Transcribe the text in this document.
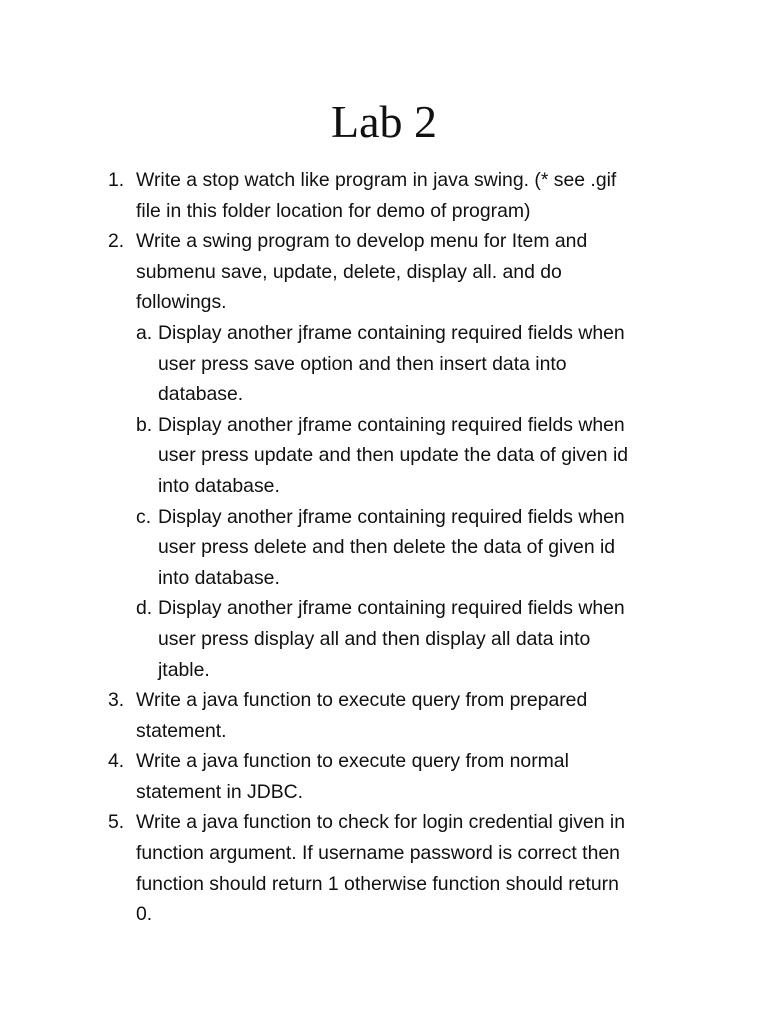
Lab 2
1. Write a stop watch like program in java swing. (* see .gif
file in this folder location for demo of program)
2. Write a swing program to develop menu for Item and
submenu save, update, delete, display all. and do
followings.
a. Display another jframe containing required fields when
user press save option and then insert data into
database.
b. Display another jframe containing required fields when
user press update and then update the data of given id
into database.
c. Display another jframe containing required fields when
user press delete and then delete the data of given id
into database.
d. Display another jframe containing required fields when
user press display all and then display all data into
jtable.
3. Write a java function to execute query from prepared
statement.
4. Write a java function to execute query from normal
statement in JDBC.
5. Write a java function to check for login credential given in
function argument. If username password is correct then
function should return 1 otherwise function should return
0.
